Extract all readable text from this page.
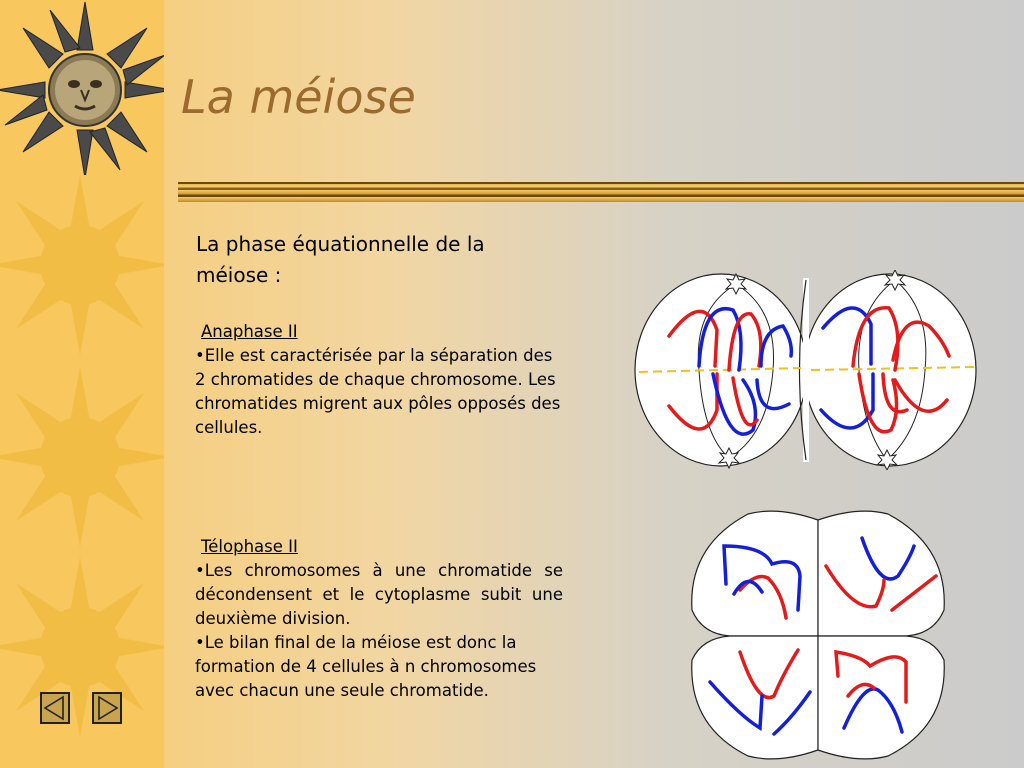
La méiose
La phase équationnelle de la méiose :
Anaphase II
•Elle est caractérisée par la séparation des 2 chromatides de chaque chromosome. Les chromatides migrent aux pôles opposés des cellules.
Télophase II
•Les chromosomes à une chromatide se décondensent et le cytoplasme subit une deuxième division.
•Le bilan final de la méiose est donc la formation de 4 cellules à n chromosomes avec chacun une seule chromatide.
